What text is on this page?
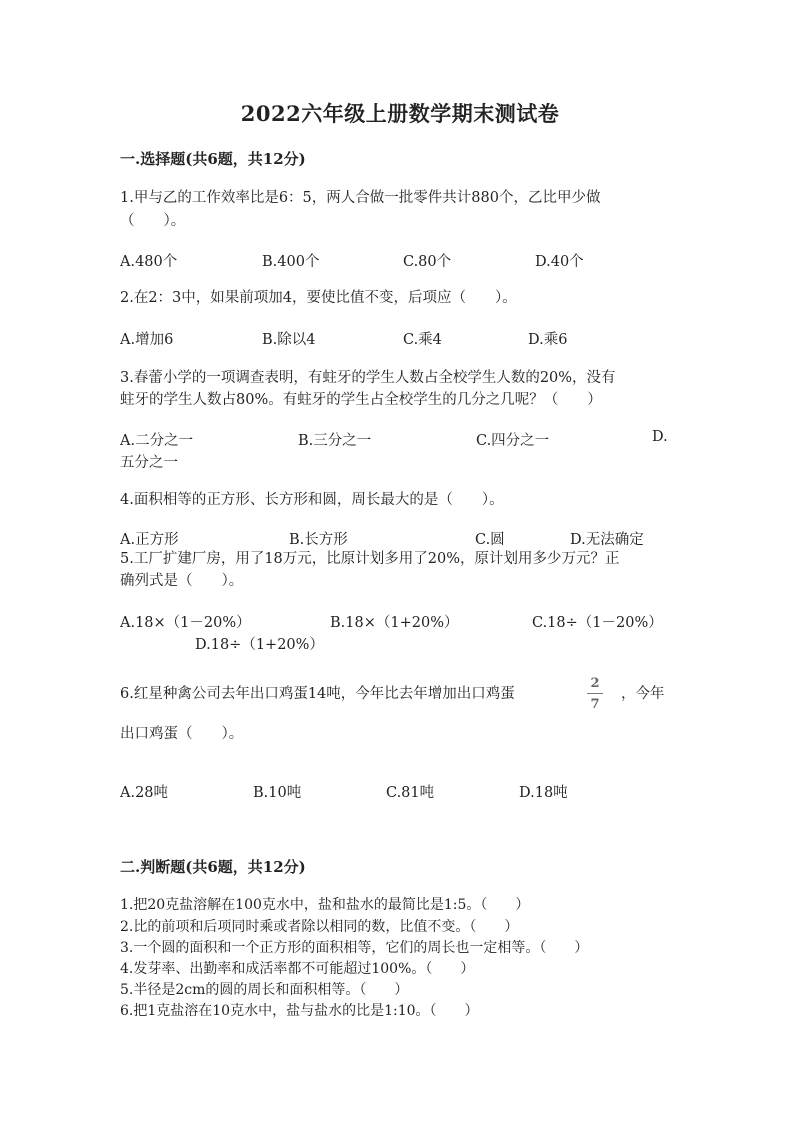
2022六年级上册数学期末测试卷
一.选择题(共6题，共12分)
1.甲与乙的工作效率比是6：5，两人合做一批零件共计880个，乙比甲少做
（　　）。
A.480个	B.400个	C.80个	D.40个
2.在2：3中，如果前项加4，要使比值不变，后项应（　　）。
A.增加6	B.除以4	C.乘4	D.乘6
3.春蕾小学的一项调查表明，有蛀牙的学生人数占全校学生人数的20%，没有
蛀牙的学生人数占80%。有蛀牙的学生占全校学生的几分之几呢？（　　）
A.二分之一	B.三分之一	C.四分之一	D.
五分之一
4.面积相等的正方形、长方形和圆，周长最大的是（　　）。
A.正方形	B.长方形	C.圆	D.无法确定
5.工厂扩建厂房，用了18万元，比原计划多用了20%，原计划用多少万元？正
确列式是（　　）。
A.18×（1－20%）	B.18×（1+20%）	C.18÷（1－20%）
D.18÷（1+20%）
6.红星种禽公司去年出口鸡蛋14吨，今年比去年增加出口鸡蛋
2
7
，今年
出口鸡蛋（　　）。
A.28吨	B.10吨	C.81吨	D.18吨
二.判断题(共6题，共12分)
1.把20克盐溶解在100克水中，盐和盐水的最简比是1:5。（　　）
2.比的前项和后项同时乘或者除以相同的数，比值不变。（　　）
3.一个圆的面积和一个正方形的面积相等，它们的周长也一定相等。（　　）
4.发芽率、出勤率和成活率都不可能超过100%。（　　）
5.半径是2cm的圆的周长和面积相等。（　　）
6.把1克盐溶在10克水中，盐与盐水的比是1:10。（　　）
